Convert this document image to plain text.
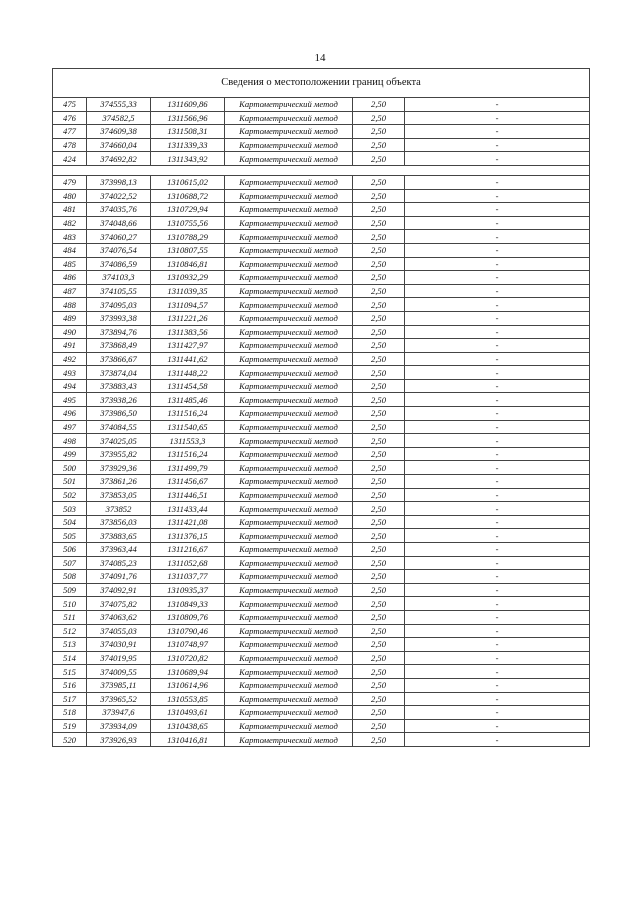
14
Сведения о местоположении границ объекта					
475	374555,33	1311609,86	Картометрический метод	2,50	-
476	374582,5	1311566,96	Картометрический метод	2,50	-
477	374609,38	1311508,31	Картометрический метод	2,50	-
478	374660,04	1311339,33	Картометрический метод	2,50	-
424	374692,82	1311343,92	Картометрический метод	2,50	-

479	373998,13	1310615,02	Картометрический метод	2,50	-
480	374022,52	1310688,72	Картометрический метод	2,50	-
481	374035,76	1310729,94	Картометрический метод	2,50	-
482	374048,66	1310755,56	Картометрический метод	2,50	-
483	374060,27	1310788,29	Картометрический метод	2,50	-
484	374076,54	1310807,55	Картометрический метод	2,50	-
485	374086,59	1310846,81	Картометрический метод	2,50	-
486	374103,3	1310932,29	Картометрический метод	2,50	-
487	374105,55	1311039,35	Картометрический метод	2,50	-
488	374095,03	1311094,57	Картометрический метод	2,50	-
489	373993,38	1311221,26	Картометрический метод	2,50	-
490	373894,76	1311383,56	Картометрический метод	2,50	-
491	373868,49	1311427,97	Картометрический метод	2,50	-
492	373866,67	1311441,62	Картометрический метод	2,50	-
493	373874,04	1311448,22	Картометрический метод	2,50	-
494	373883,43	1311454,58	Картометрический метод	2,50	-
495	373938,26	1311485,46	Картометрический метод	2,50	-
496	373986,50	1311516,24	Картометрический метод	2,50	-
497	374084,55	1311540,65	Картометрический метод	2,50	-
498	374025,05	1311553,3	Картометрический метод	2,50	-
499	373955,82	1311516,24	Картометрический метод	2,50	-
500	373929,36	1311499,79	Картометрический метод	2,50	-
501	373861,26	1311456,67	Картометрический метод	2,50	-
502	373853,05	1311446,51	Картометрический метод	2,50	-
503	373852	1311433,44	Картометрический метод	2,50	-
504	373856,03	1311421,08	Картометрический метод	2,50	-
505	373883,65	1311376,15	Картометрический метод	2,50	-
506	373963,44	1311216,67	Картометрический метод	2,50	-
507	374085,23	1311052,68	Картометрический метод	2,50	-
508	374091,76	1311037,77	Картометрический метод	2,50	-
509	374092,91	1310935,37	Картометрический метод	2,50	-
510	374075,82	1310849,33	Картометрический метод	2,50	-
511	374063,62	1310809,76	Картометрический метод	2,50	-
512	374055,03	1310790,46	Картометрический метод	2,50	-
513	374030,91	1310748,97	Картометрический метод	2,50	-
514	374019,95	1310720,82	Картометрический метод	2,50	-
515	374009,55	1310689,94	Картометрический метод	2,50	-
516	373985,11	1310614,96	Картометрический метод	2,50	-
517	373965,52	1310553,85	Картометрический метод	2,50	-
518	373947,6	1310493,61	Картометрический метод	2,50	-
519	373934,09	1310438,65	Картометрический метод	2,50	-
520	373926,93	1310416,81	Картометрический метод	2,50	-
